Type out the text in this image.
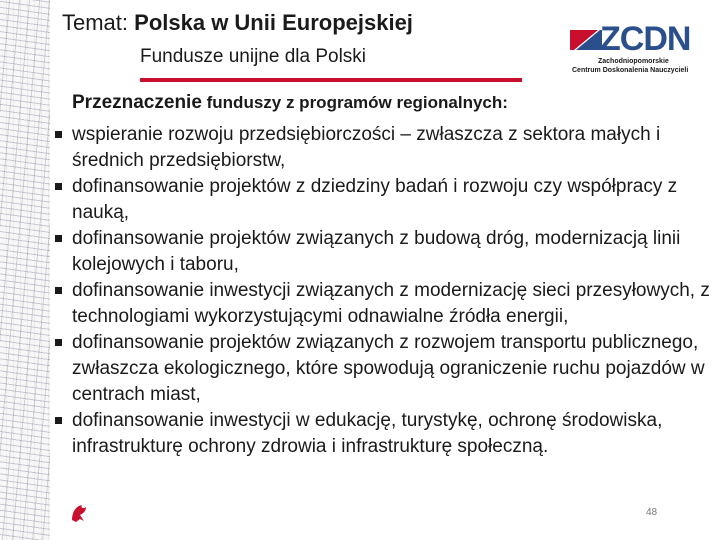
Temat: Polska w Unii Europejskiej
Fundusze unijne dla Polski	ZCDN
Zachodniopomorskie
Centrum Doskonalenia Nauczycieli
Przeznaczenie funduszy z programów regionalnych:
wspieranie rozwoju przedsiębiorczości – zwłaszcza z sektora małych i średnich przedsiębiorstw,
dofinansowanie projektów z dziedziny badań i rozwoju czy współpracy z nauką,
dofinansowanie projektów związanych z budową dróg, modernizacją linii kolejowych i taboru,
dofinansowanie inwestycji związanych z modernizację sieci przesyłowych, z technologiami wykorzystującymi odnawialne źródła energii,
dofinansowanie projektów związanych z rozwojem transportu publicznego, zwłaszcza ekologicznego, które spowodują ograniczenie ruchu pojazdów w centrach miast,
dofinansowanie inwestycji w edukację, turystykę, ochronę środowiska, infrastrukturę ochrony zdrowia i infrastrukturę społeczną.
48
